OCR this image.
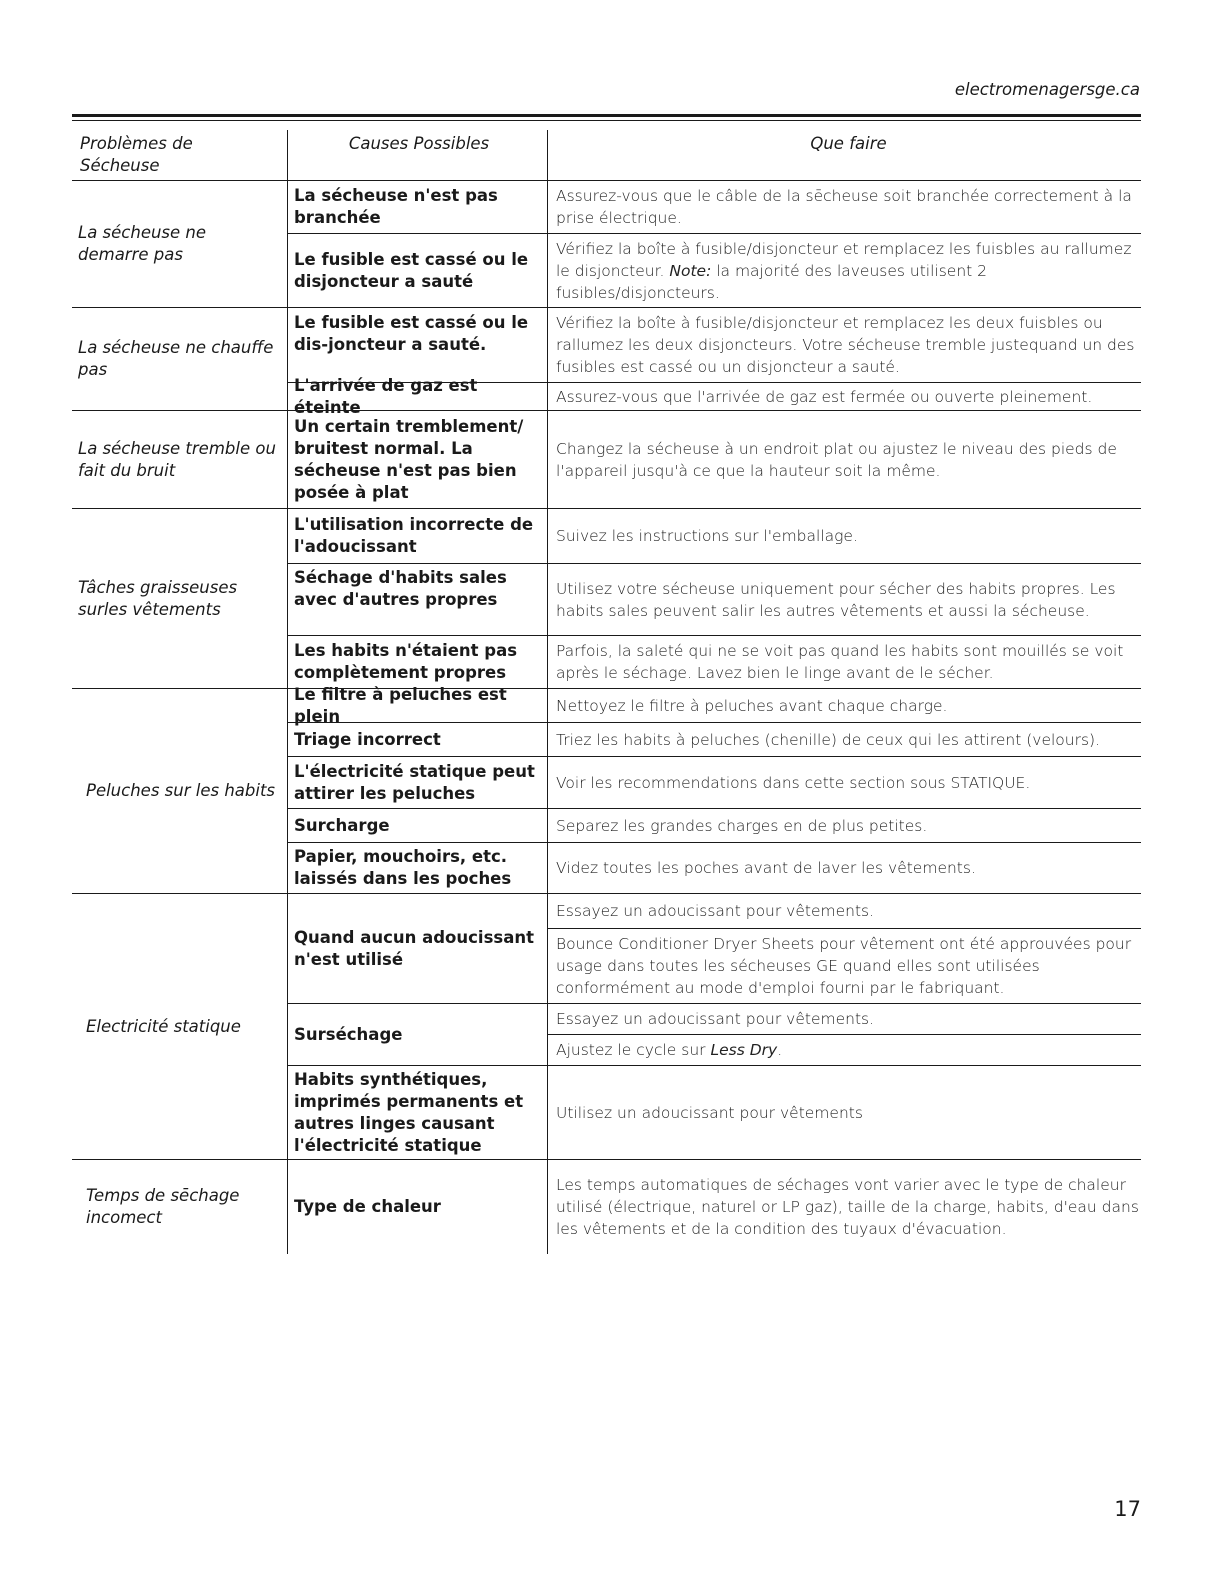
electromenagersge.ca
Problèmes de Sécheuse
Causes Possibles	Que faire
La sécheuse ne demarre pas
La sécheuse ne chauffe pas
La sécheuse tremble ou fait du bruit
Tâches graisseuses surles vêtements
Peluches sur les habits
Electricité statique
Temps de sēchage incomect
La sécheuse n'est pas branchée
Le fusible est cassé ou le disjoncteur a sauté
Le fusible est cassé ou le dis-joncteur a sauté.
L'arrivée de gaz est éteinte
Un certain tremblement/ bruitest normal. La sécheuse n'est pas bien posée à plat
L'utilisation incorrecte de l'adoucissant
Séchage d'habits sales avec d'autres propres
Les habits n'étaient pas complètement propres
Le filtre à peluches est plein
Triage incorrect
L'électricité statique peut attirer les peluches
Surcharge
Papier, mouchoirs, etc. laissés dans les poches
Quand aucun adoucissant n'est utilisé
Surséchage
Habits synthétiques, imprimés permanents et autres linges causant l'électricité statique
Type de chaleur
Assurez-vous que le câble de la sēcheuse soit branchée correctement à la prise électrique.
Vérifiez la boîte à fusible/disjoncteur et remplacez les fuisbles au rallumez le disjoncteur. Note: la majorité des laveuses utilisent 2 fusibles/disjoncteurs.
Vérifiez la boîte à fusible/disjoncteur et remplacez les deux fuisbles ou rallumez les deux disjoncteurs. Votre sécheuse tremble justequand un des fusibles est cassé ou un disjoncteur a sauté.
Assurez-vous que l'arrivée de gaz est fermée ou ouverte pleinement.
Changez la sécheuse à un endroit plat ou ajustez le niveau des pieds de l'appareil jusqu'à ce que la hauteur soit la même.
Suivez les instructions sur l'emballage.
Utilisez votre sécheuse uniquement pour sécher des habits propres. Les habits sales peuvent salir les autres vêtements et aussi la sécheuse.
Parfois, la saleté qui ne se voit pas quand les habits sont mouillés se voit après le séchage. Lavez bien le linge avant de le sécher.
Nettoyez le filtre à peluches avant chaque charge.
Triez les habits à peluches (chenille) de ceux qui les attirent (velours).
Voir les recommendations dans cette section sous STATIQUE.
Separez les grandes charges en de plus petites.
Videz toutes les poches avant de laver les vêtements.
Essayez un adoucissant pour vêtements.
Bounce Conditioner Dryer Sheets pour vêtement ont été approuvées pour usage dans toutes les sécheuses GE quand elles sont utilisées conformément au mode d'emploi fourni par le fabriquant.
Essayez un adoucissant pour vêtements.
Ajustez le cycle sur Less Dry.
Utilisez un adoucissant pour vêtements
Les temps automatiques de séchages vont varier avec le type de chaleur utilisé (électrique, naturel or LP gaz), taille de la charge, habits, d'eau dans les vêtements et de la condition des tuyaux d'évacuation.
17
